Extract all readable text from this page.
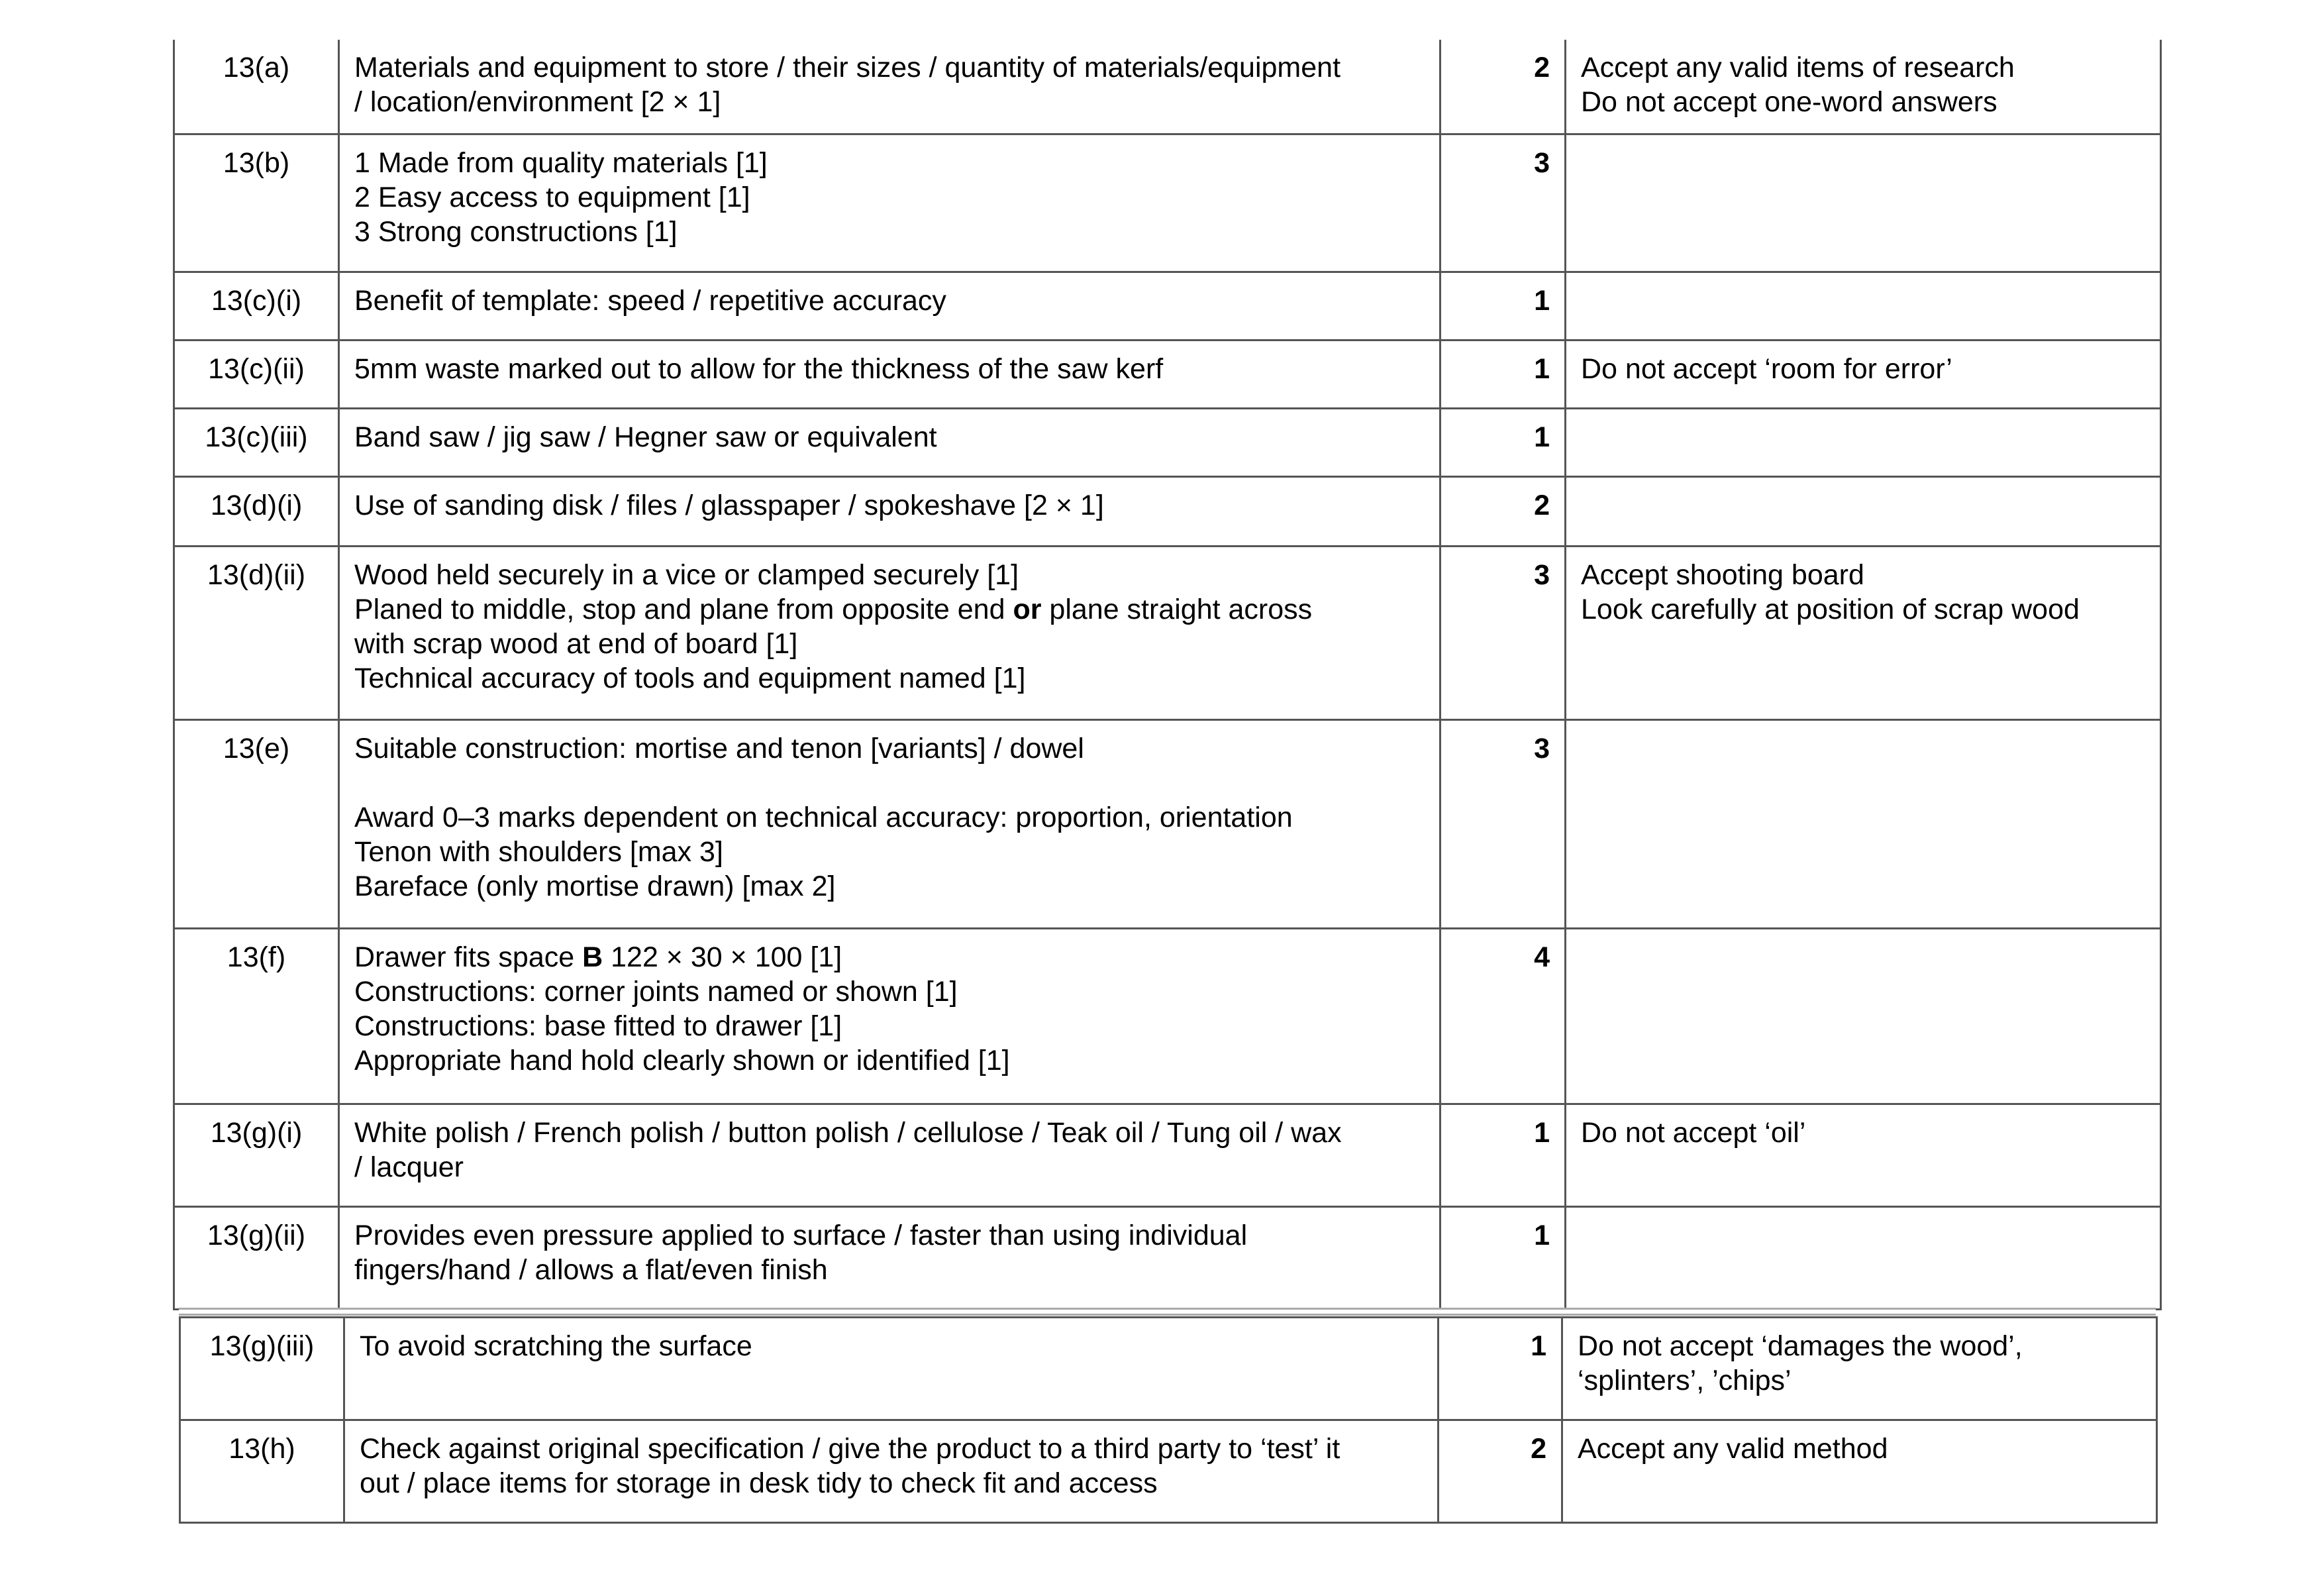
13(a)	Materials and equipment to store / their sizes / quantity of materials/equipment
/ location/environment [2 × 1]	2	Accept any valid items of research
Do not accept one-word answers

13(b)	1 Made from quality materials [1]
2 Easy access to equipment [1]
3 Strong constructions [1]	3	
13(c)(i)	Benefit of template: speed / repetitive accuracy	1	
13(c)(ii)	5mm waste marked out to allow for the thickness of the saw kerf	1	Do not accept ‘room for error’

13(c)(iii)	Band saw / jig saw / Hegner saw or equivalent	1	
13(d)(i)	Use of sanding disk / files / glasspaper / spokeshave [2 × 1]	2	
13(d)(ii)	Wood held securely in a vice or clamped securely [1]
Planed to middle, stop and plane from opposite end or plane straight across
with scrap wood at end of board [1]
Technical accuracy of tools and equipment named [1]	3	Accept shooting board
Look carefully at position of scrap wood

13(e)	Suitable construction: mortise and tenon [variants] / dowel
Award 0–3 marks dependent on technical accuracy: proportion, orientation
Tenon with shoulders [max 3]
Bareface (only mortise drawn) [max 2]	3	
13(f)	Drawer fits space B 122 × 30 × 100 [1]
Constructions: corner joints named or shown [1]
Constructions: base fitted to drawer [1]
Appropriate hand hold clearly shown or identified [1]	4	
13(g)(i)	White polish / French polish / button polish / cellulose / Teak oil / Tung oil / wax
/ lacquer	1	Do not accept ‘oil’

13(g)(ii)	Provides even pressure applied to surface / faster than using individual
fingers/hand / allows a flat/even finish	1	
13(g)(iii)	To avoid scratching the surface	1	Do not accept ‘damages the wood’,
‘splinters’, ’chips’

13(h)	Check against original specification / give the product to a third party to ‘test’ it
out / place items for storage in desk tidy to check fit and access	2	Accept any valid method
